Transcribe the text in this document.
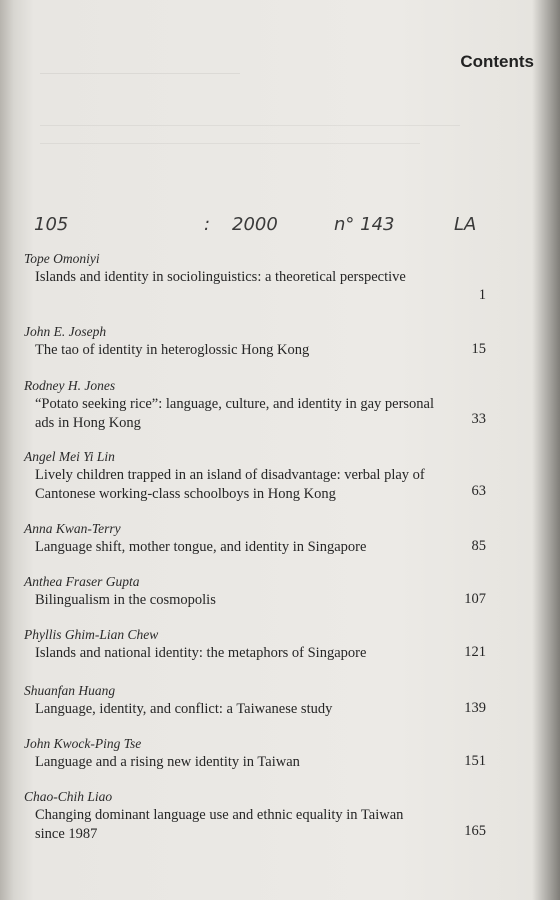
Contents
105	: 2000	n° 143	LA
Tope Omoniyi
Islands and identity in sociolinguistics: a theoretical perspective
1
John E. Joseph
The tao of identity in heteroglossic Hong Kong	15
Rodney H. Jones
“Potato seeking rice”: language, culture, and identity in gay personal ads in Hong Kong	33
Angel Mei Yi Lin
Lively children trapped in an island of disadvantage: verbal play of Cantonese working-class schoolboys in Hong Kong	63
Anna Kwan-Terry
Language shift, mother tongue, and identity in Singapore	85
Anthea Fraser Gupta
Bilingualism in the cosmopolis	107
Phyllis Ghim-Lian Chew
Islands and national identity: the metaphors of Singapore	121
Shuanfan Huang
Language, identity, and conflict: a Taiwanese study	139
John Kwock-Ping Tse
Language and a rising new identity in Taiwan	151
Chao-Chih Liao
Changing dominant language use and ethnic equality in Taiwan since 1987	165
